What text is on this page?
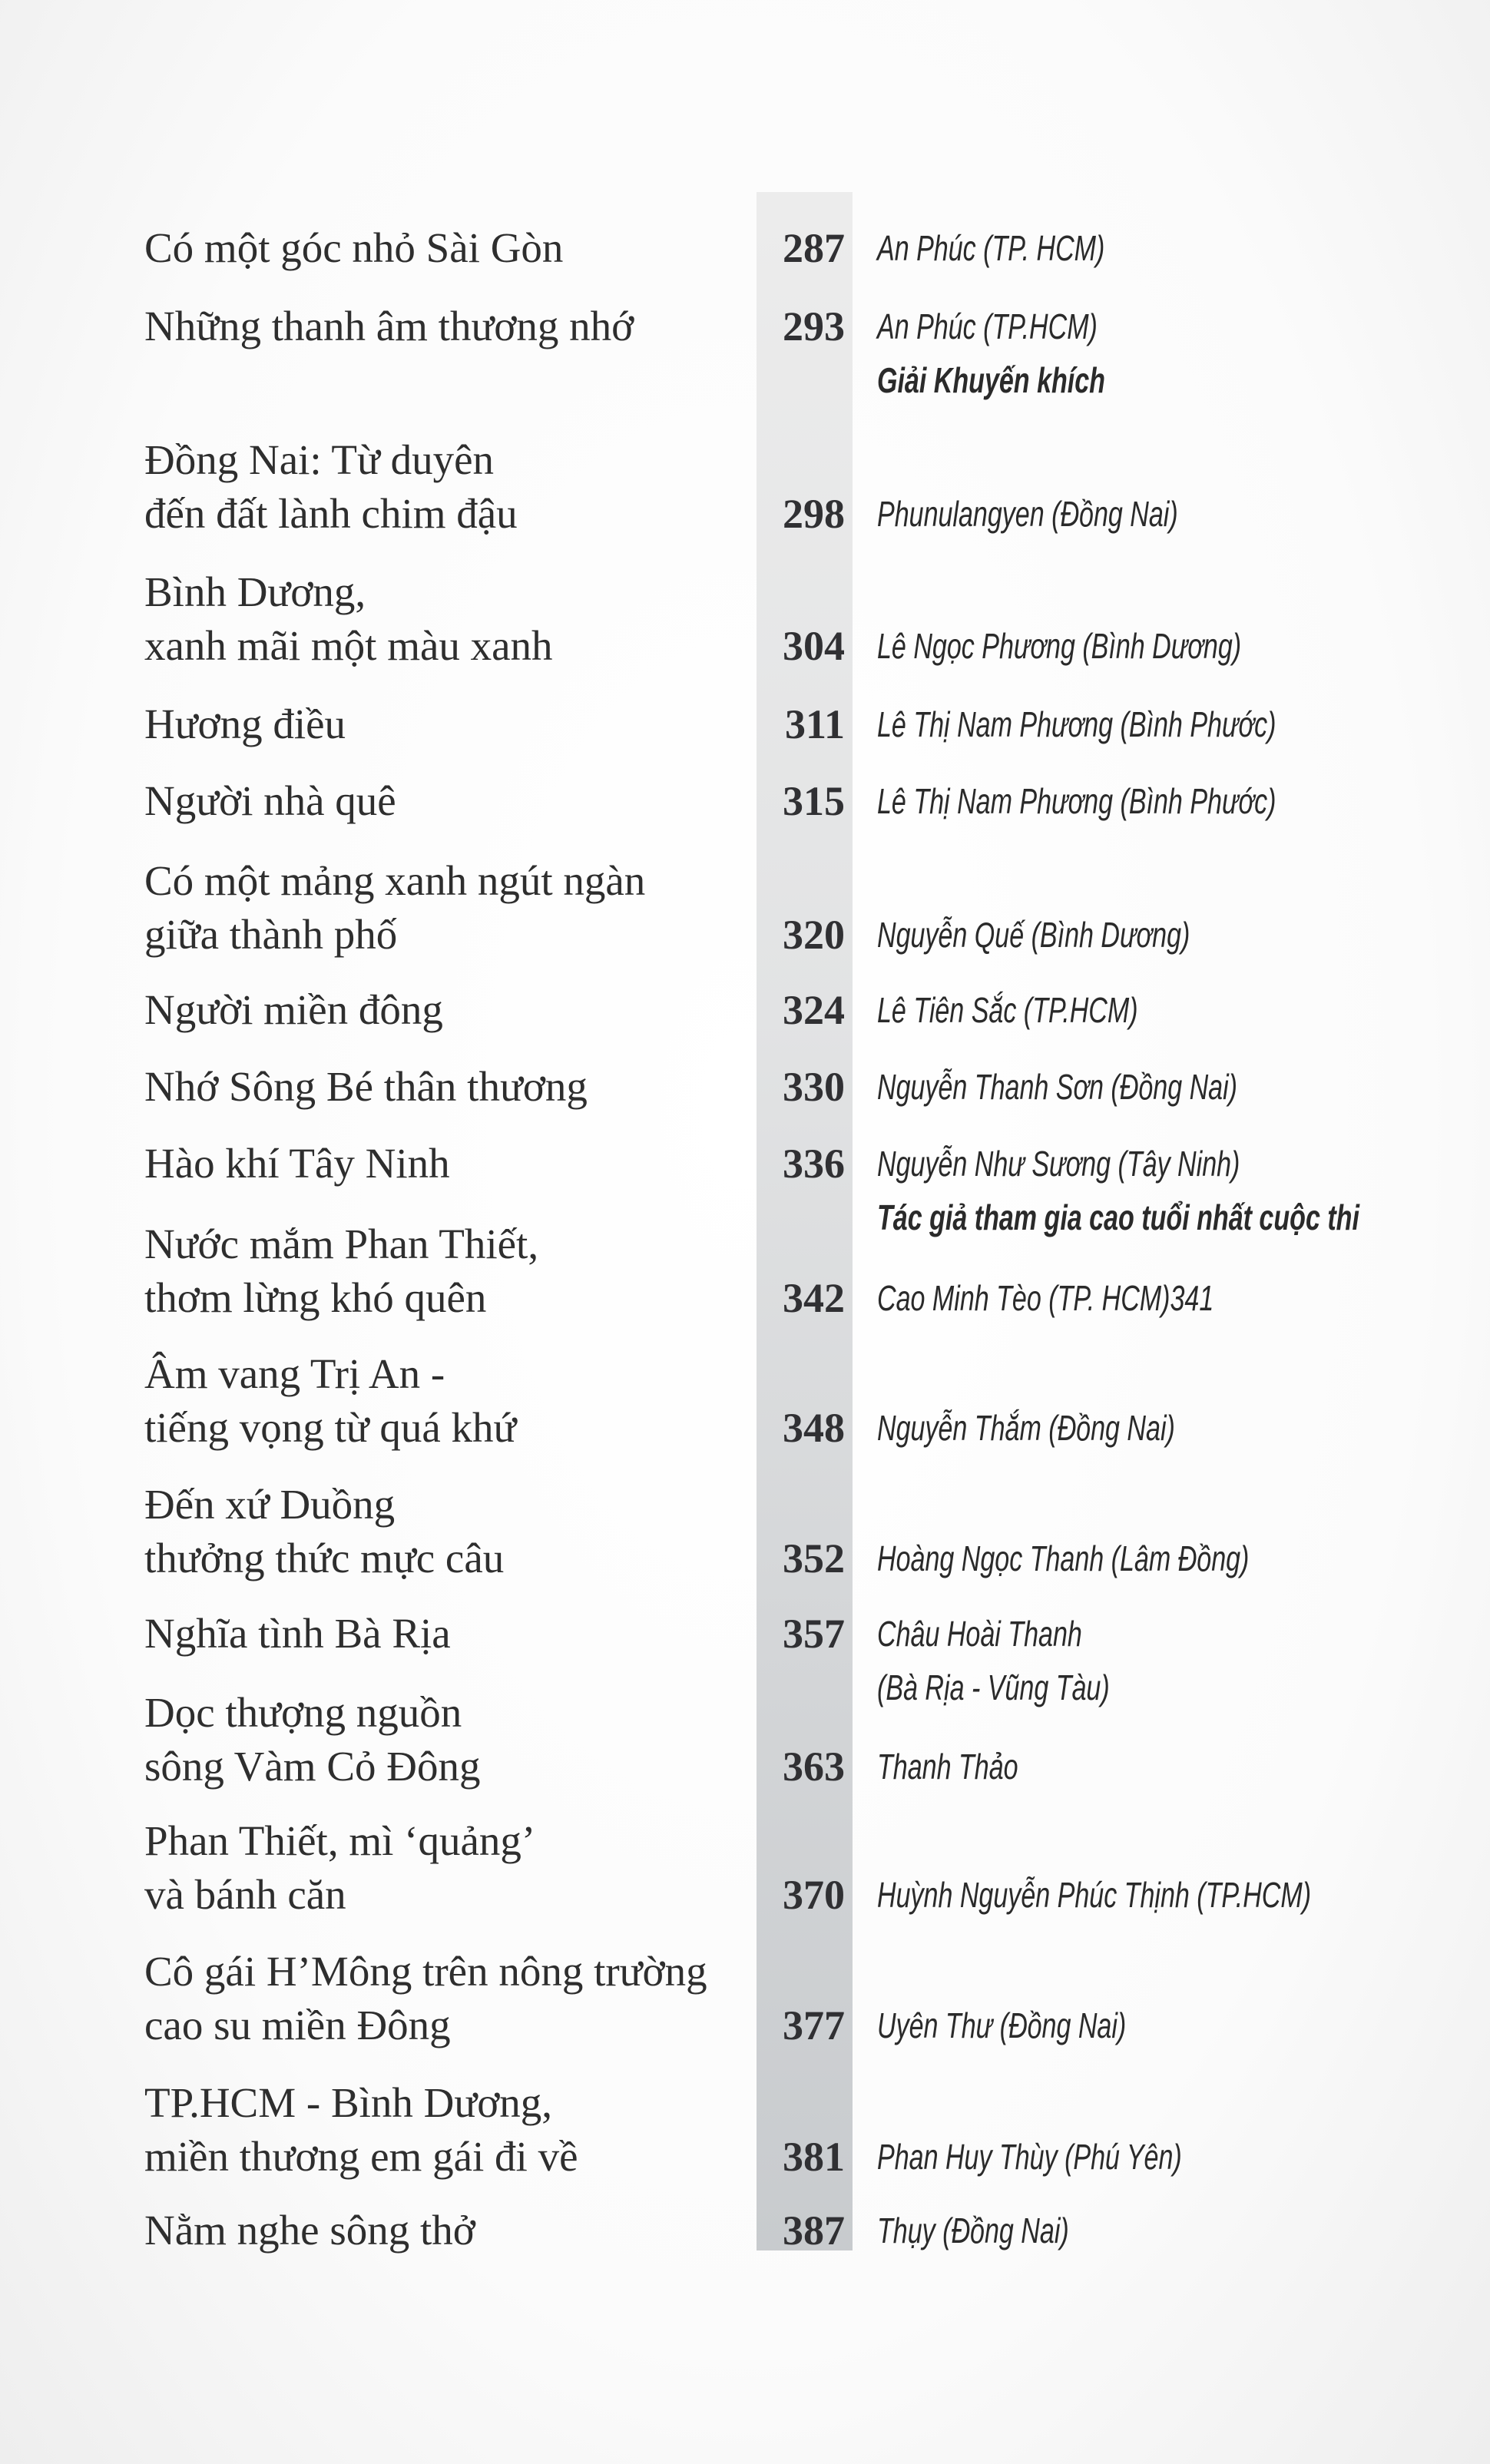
Có một góc nhỏ Sài Gòn	287 An Phúc (TP. HCM)
Những thanh âm thương nhớ	293 An Phúc (TP.HCM)
Giải Khuyến khích
Đồng Nai: Từ duyên
đến đất lành chim đậu	298 Phunulangyen (Đồng Nai)
Bình Dương,
xanh mãi một màu xanh	304 Lê Ngọc Phương (Bình Dương)
Hương điều	311 Lê Thị Nam Phương (Bình Phước)
Người nhà quê	315 Lê Thị Nam Phương (Bình Phước)
Có một mảng xanh ngút ngàn
giữa thành phố	320 Nguyễn Quế (Bình Dương)
Người miền đông	324 Lê Tiên Sắc (TP.HCM)
Nhớ Sông Bé thân thương	330 Nguyễn Thanh Sơn (Đồng Nai)
Hào khí Tây Ninh	336 Nguyễn Như Sương (Tây Ninh)
Tác giả tham gia cao tuổi nhất cuộc thi
Nước mắm Phan Thiết,
thơm lừng khó quên	342 Cao Minh Tèo (TP. HCM)341
Âm vang Trị An -
tiếng vọng từ quá khứ	348 Nguyễn Thắm (Đồng Nai)
Đến xứ Duồng
thưởng thức mực câu	352 Hoàng Ngọc Thanh (Lâm Đồng)
Nghĩa tình Bà Rịa	357 Châu Hoài Thanh
(Bà Rịa - Vũng Tàu)
Dọc thượng nguồn
sông Vàm Cỏ Đông	363 Thanh Thảo
Phan Thiết, mì ‘quảng’
và bánh căn	370 Huỳnh Nguyễn Phúc Thịnh (TP.HCM)
Cô gái H’Mông trên nông trường
cao su miền Đông	377 Uyên Thư (Đồng Nai)
TP.HCM - Bình Dương,
miền thương em gái đi về	381 Phan Huy Thùy (Phú Yên)
Nằm nghe sông thở	387 Thụy (Đồng Nai)
